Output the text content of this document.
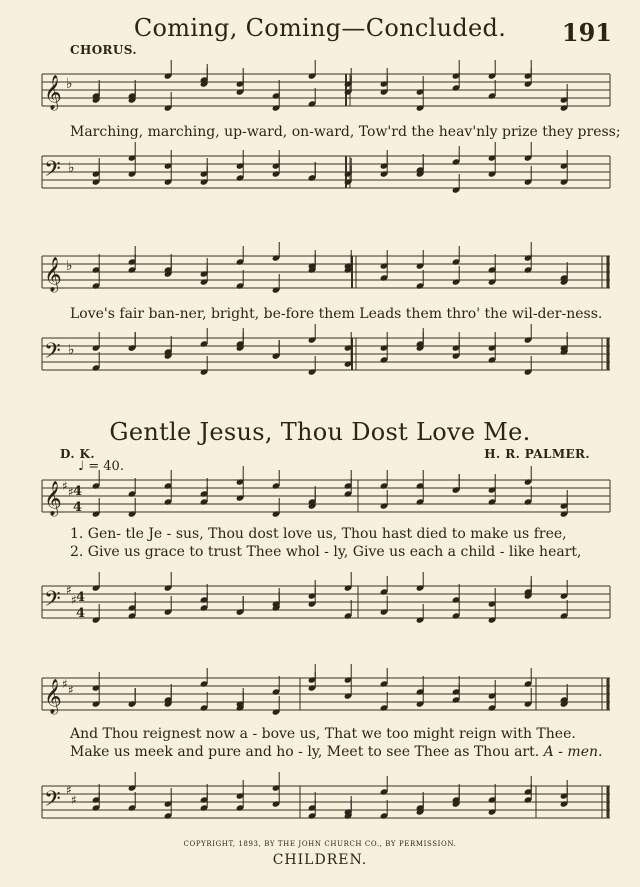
Coming, Coming—Concluded.	191
CHORUS.
𝄞 ♭
Marching, marching, up-ward, on-ward, Tow'rd the heav'nly prize they press;
𝄢 ♭
𝄞 ♭
Love's fair ban-ner, bright, be-fore them Leads them thro' the wil-der-ness.
𝄢 ♭
Gentle Jesus, Thou Dost Love Me.
D. K.	H. R. PALMER.
♩ = 40.
𝄞 ♯ ♯ 4
4
1. Gen- tle Je - sus, Thou dost love us, Thou hast died to make us free,
2. Give us grace to trust Thee whol - ly, Give us each a child - like heart,
𝄢 ♯
♯ 4
4
𝄞 ♯ ♯
And Thou reignest now a - bove us, That we too might reign with Thee.
Make us meek and pure and ho - ly, Meet to see Thee as Thou art. A - men.
𝄢 ♯
♯
COPYRIGHT, 1893, BY THE JOHN CHURCH CO., BY PERMISSION.
CHILDREN.
